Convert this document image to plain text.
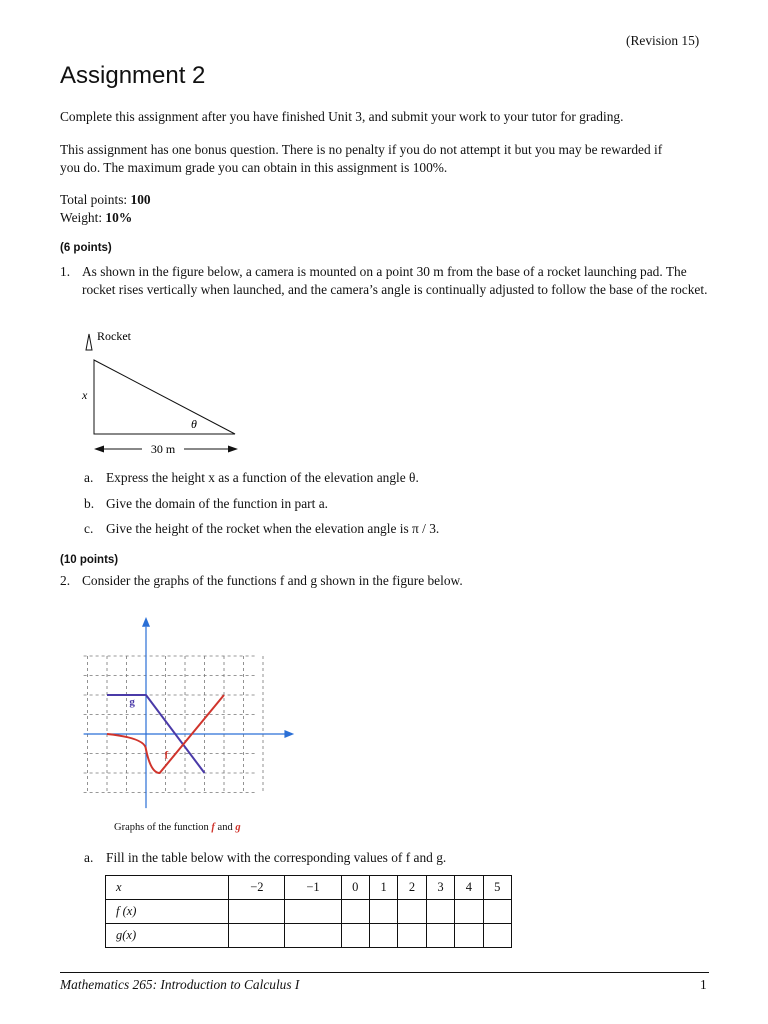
(Revision 15)
Assignment 2

Complete this assignment after you have finished Unit 3, and submit your work to your tutor for grading.

This assignment has one bonus question. There is no penalty if you do not attempt it but you may be rewarded if you do. The maximum grade you can obtain in this assignment is 100%.

Total points: 100
Weight: 10%
(6 points)
1. As shown in the figure below, a camera is mounted on a point 30 m from the base of a rocket launching pad. The rocket rises vertically when launched, and the camera’s angle is continually adjusted to follow the base of the rocket.

Rocket
x
θ
30 m
a. Express the height x as a function of the elevation angle θ.
b. Give the domain of the function in part a.
c. Give the height of the rocket when the elevation angle is π / 3.
(10 points)
2. Consider the graphs of the functions f and g shown in the figure below.
g
f
Graphs of the function f and g
a. Fill in the table below with the corresponding values of f and g.
x	−2	−1	0	1	2	3	4	5
f (x)								
g(x)								
Mathematics 265: Introduction to Calculus I	1
